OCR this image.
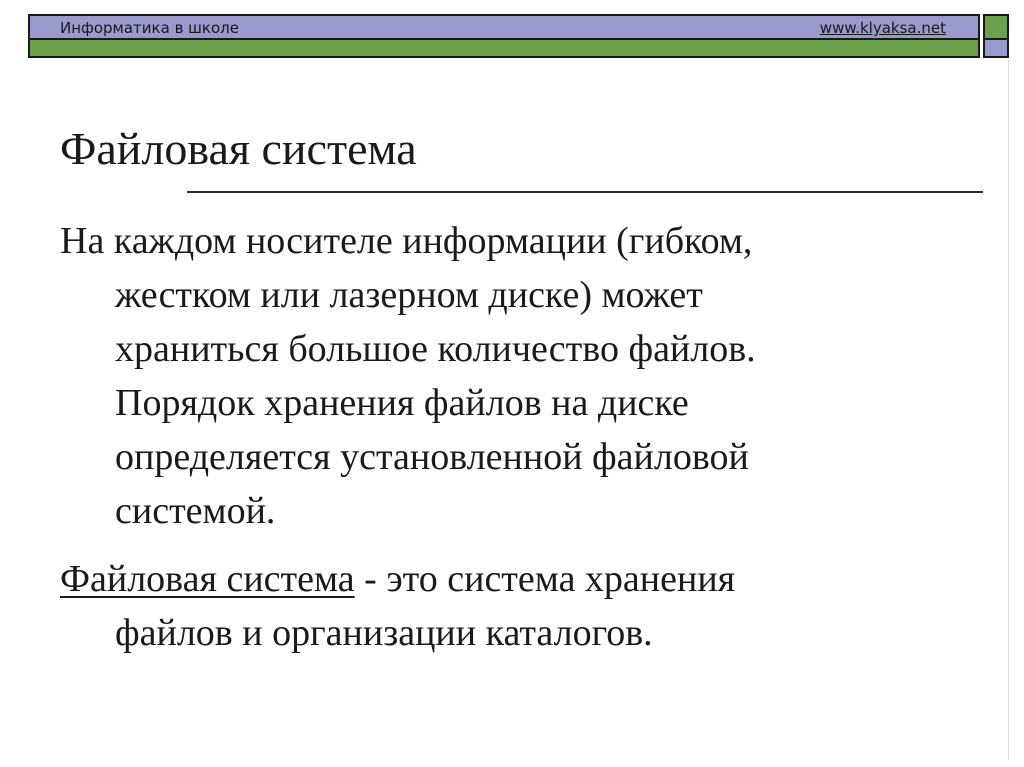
Информатика в школе	www.klyaksa.net
Файловая система
На каждом носителе информации (гибком,
жестком или лазерном диске) может
храниться большое количество файлов.
Порядок хранения файлов на диске
определяется установленной файловой
системой.
Файловая система - это система хранения
файлов и организации каталогов.
